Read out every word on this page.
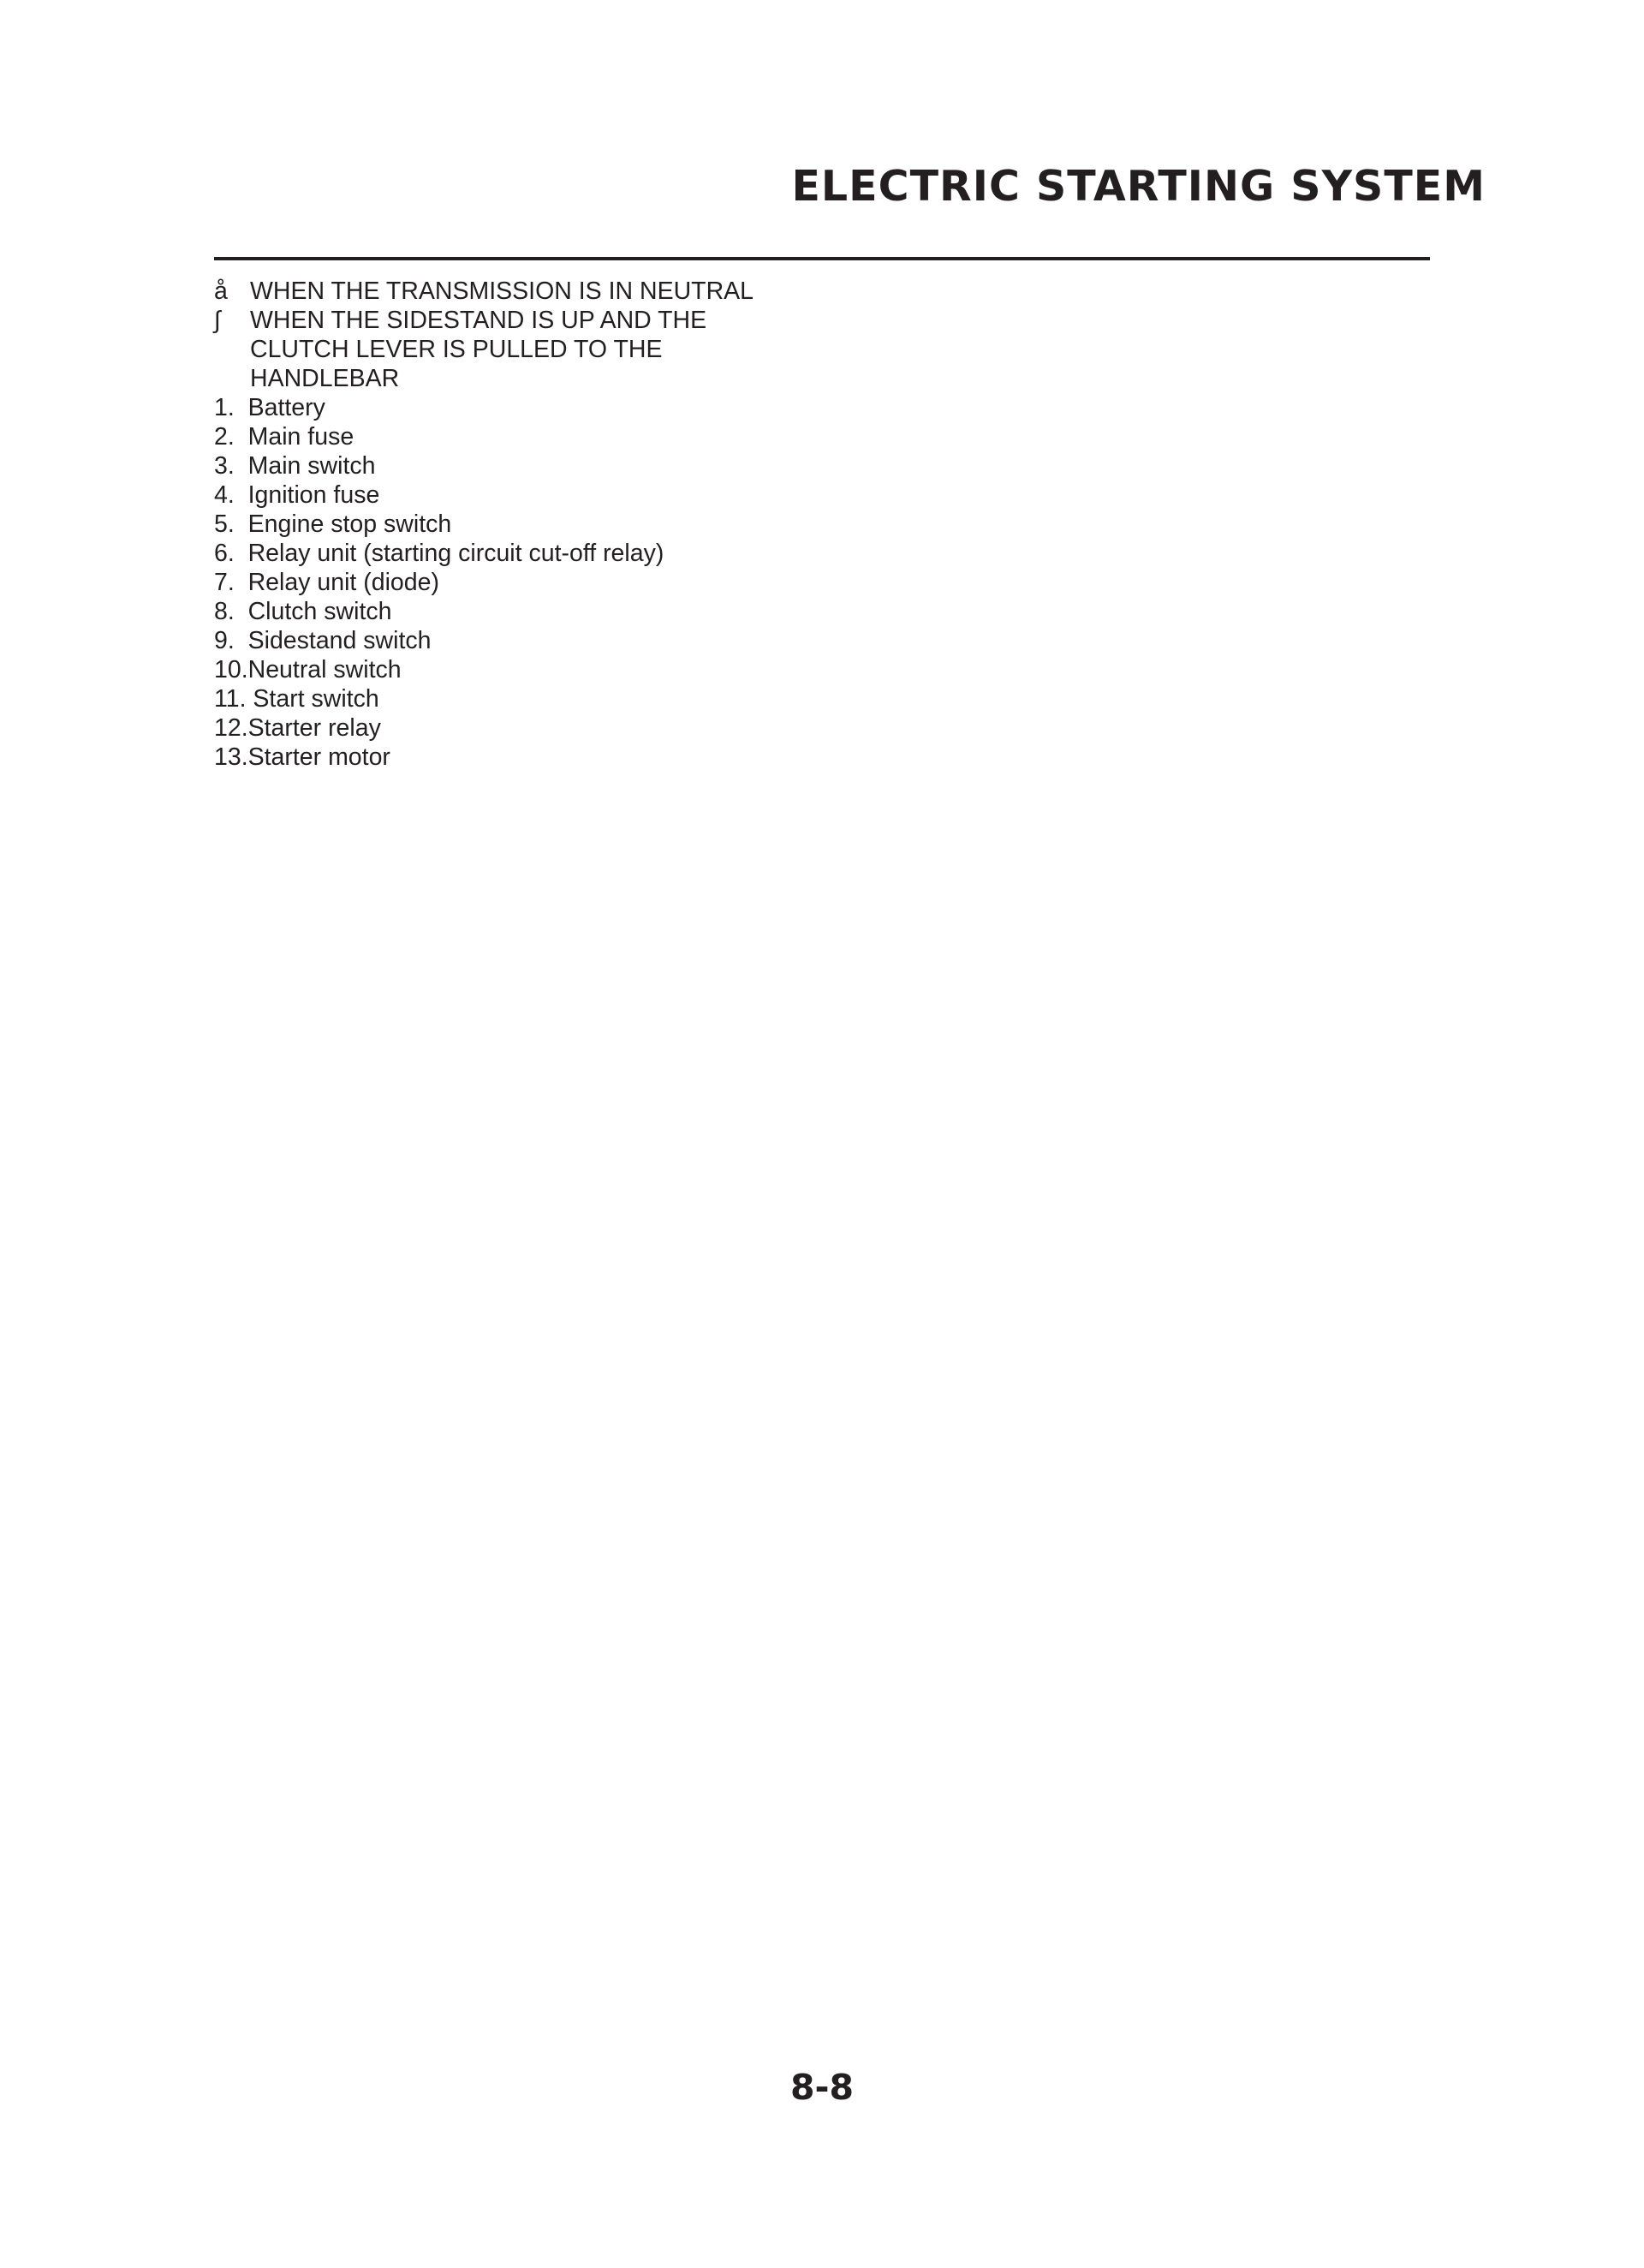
ELECTRIC STARTING SYSTEM
å WHEN THE TRANSMISSION IS IN NEUTRAL
∫ WHEN THE SIDESTAND IS UP AND THE
CLUTCH LEVER IS PULLED TO THE
HANDLEBAR
1.  Battery
2.  Main fuse
3.  Main switch
4.  Ignition fuse
5.  Engine stop switch
6.  Relay unit (starting circuit cut-off relay)
7.  Relay unit (diode)
8.  Clutch switch
9.  Sidestand switch
10.Neutral switch
11. Start switch
12.Starter relay
13.Starter motor
8-8
